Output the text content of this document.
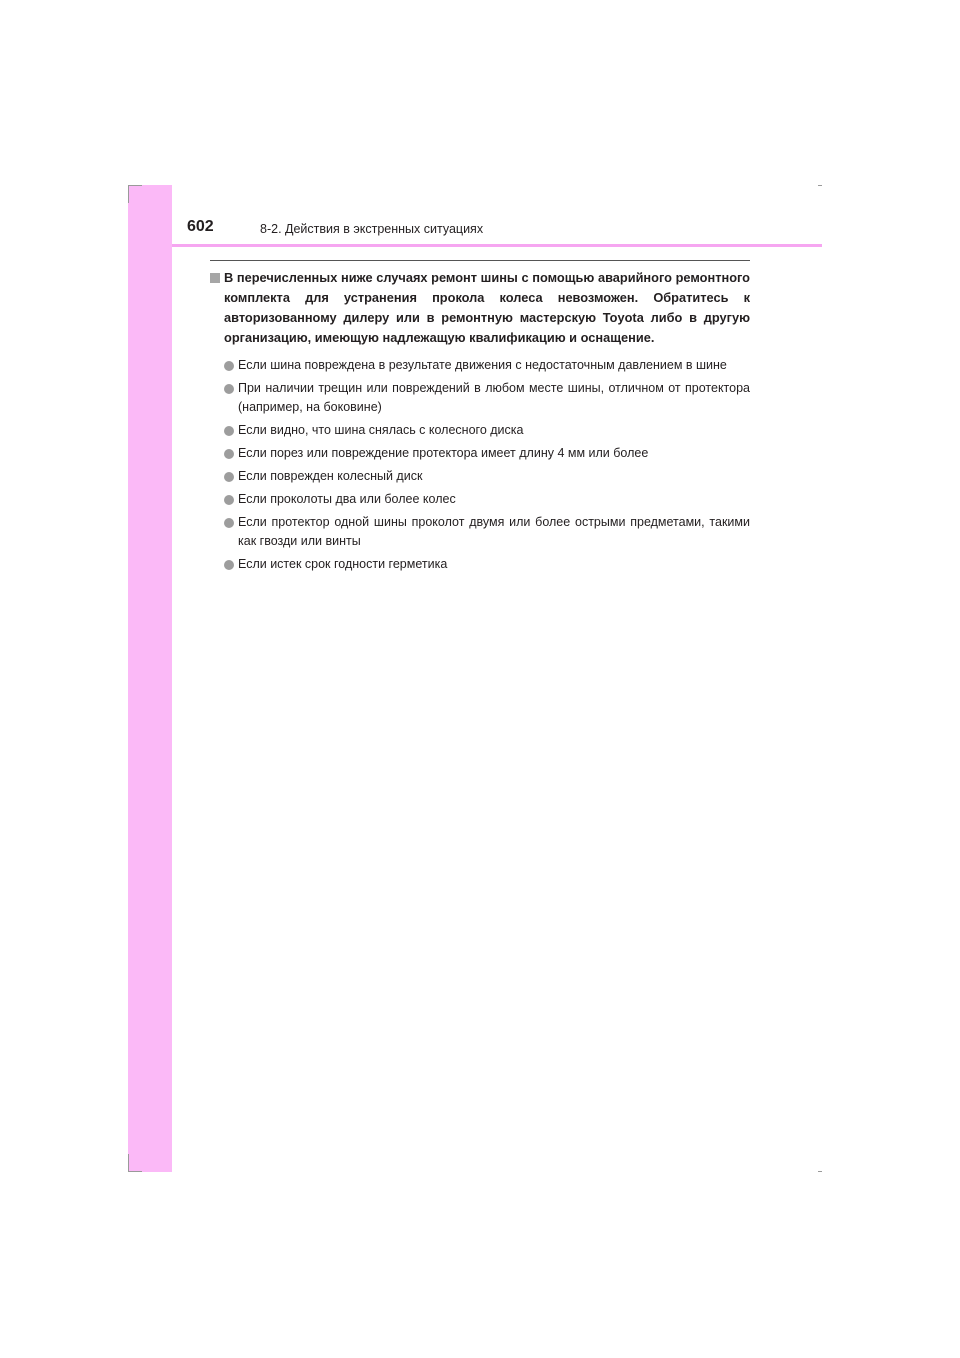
602	8-2. Действия в экстренных ситуациях
В перечисленных ниже случаях ремонт шины с помощью аварийного ремонтного комплекта для устранения прокола колеса невозможен. Обратитесь к авторизованному дилеру или в ремонтную мастерскую Toyota либо в другую организацию, имеющую надлежащую квалификацию и оснащение.
Если шина повреждена в результате движения с недостаточным давлением в шине
При наличии трещин или повреждений в любом месте шины, отличном от протектора (например, на боковине)
Если видно, что шина снялась с колесного диска
Если порез или повреждение протектора имеет длину 4 мм или более
Если поврежден колесный диск
Если проколоты два или более колес
Если протектор одной шины проколот двумя или более острыми предметами, такими как гвозди или винты
Если истек срок годности герметика
